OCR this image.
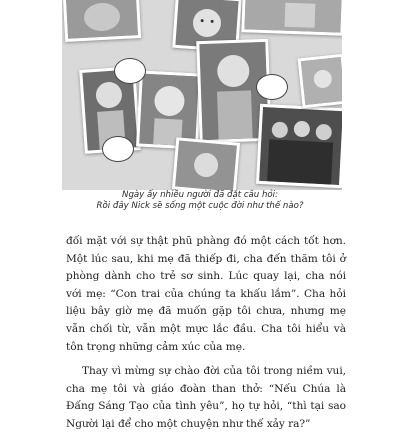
Ngày ấy nhiều người đã đặt câu hỏi:
Rồi đây Nick sẽ sống một cuộc đời như thế nào?

đối mặt với sự thật phũ phàng đó một cách tốt hơn. Một lúc sau, khi mẹ đã thiếp đi, cha đến thăm tôi ở phòng dành cho trẻ sơ sinh. Lúc quay lại, cha nói với mẹ: “Con trai của chúng ta khấu lắm”. Cha hỏi liệu bây giờ mẹ đã muốn gặp tôi chưa, nhưng mẹ vẫn chối từ, vẫn một mực lắc đầu. Cha tôi hiểu và tôn trọng những cảm xúc của mẹ.

Thay vì mừng sự chào đời của tôi trong niềm vui, cha mẹ tôi và giáo đoàn than thở: “Nếu Chúa là Đấng Sáng Tạo của tình yêu”, họ tự hỏi, “thì tại sao Người lại để cho một chuyện như thế xảy ra?”
